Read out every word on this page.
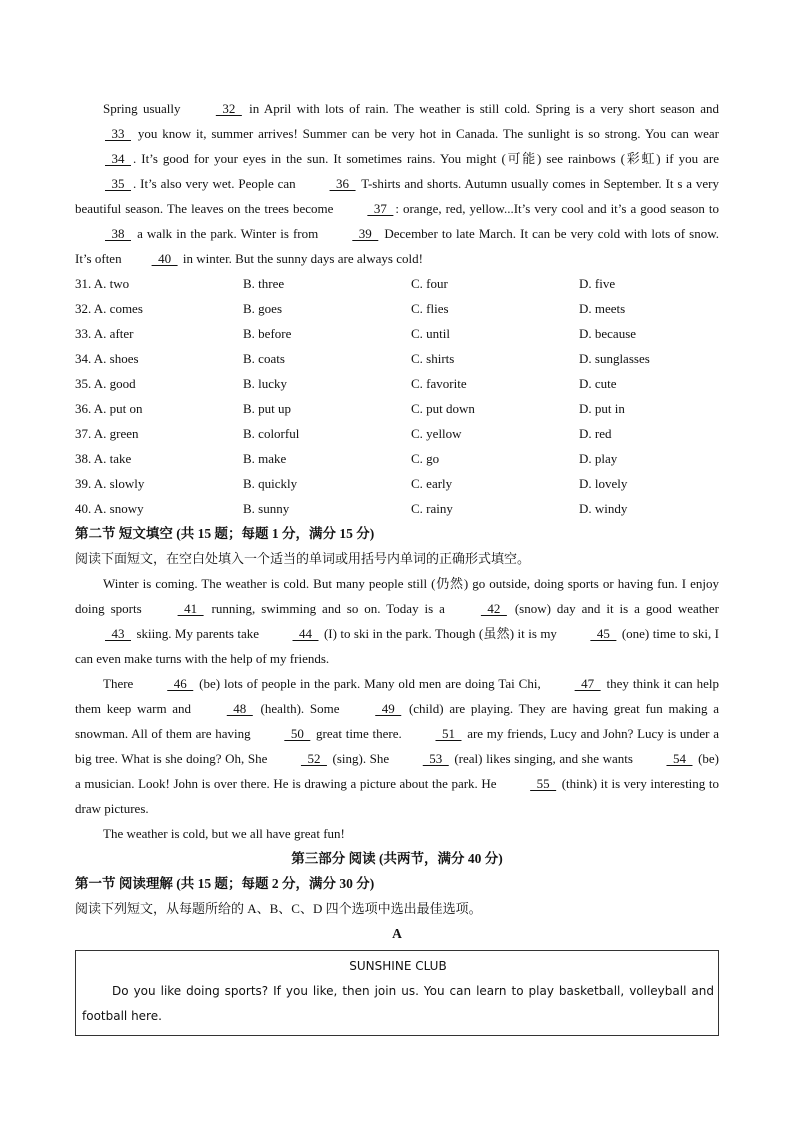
Spring usually   32   in April with lots of rain. The weather is still cold. Spring is a very short season and   33   you know it, summer arrives! Summer can be very hot in Canada. The sunlight is so strong. You can wear   34  . It’s good for your eyes in the sun. It sometimes rains. You might (可能) see rainbows (彩虹) if you are   35  . It’s also very wet. People can   36   T-shirts and shorts. Autumn usually comes in September. It s a very beautiful season. The leaves on the trees become   37  : orange, red, yellow...It’s very cool and it’s a good season to   38   a walk in the park. Winter is from   39   December to late March. It can be very cold with lots of snow. It’s often  40   in winter. But the sunny days are always cold!

31. A. two	B. three	C. four	D. five
32. A. comes	B. goes	C. flies	D. meets
33. A. after	B. before	C. until	D. because
34. A. shoes	B. coats	C. shirts	D. sunglasses
35. A. good	B. lucky	C. favorite	D. cute
36. A. put on	B. put up	C. put down	D. put in
37. A. green	B. colorful	C. yellow	D. red
38. A. take	B. make	C. go	D. play
39. A. slowly	B. quickly	C. early	D. lovely
40. A. snowy	B. sunny	C. rainy	D. windy

第二节 短文填空 (共 15 题；每题 1 分，满分 15 分)

阅读下面短文，在空白处填入一个适当的单词或用括号内单词的正确形式填空。

Winter is coming. The weather is cold. But many people still (仍然) go outside, doing sports or having fun. I enjoy doing sports   41   running, swimming and so on. Today is a   42   (snow) day and it is a good weather   43   skiing. My parents take   44   (I) to ski in the park. Though (虽然) it is my   45   (one) time to ski, I can even make turns with the help of my friends.

There   46   (be) lots of people in the park. Many old men are doing Tai Chi,   47   they think it can help them keep warm and   48   (health). Some   49   (child) are playing. They are having great fun making a snowman. All of them are having   50   great time there.   51   are my friends, Lucy and John? Lucy is under a big tree. What is she doing? Oh, She   52   (sing). She   53   (real) likes singing, and she wants   54   (be) a musician. Look! John is over there. He is drawing a picture about the park. He   55   (think) it is very interesting to draw pictures.

The weather is cold, but we all have great fun!

第三部分 阅读 (共两节，满分 40 分)

第一节 阅读理解 (共 15 题；每题 2 分，满分 30 分)

阅读下列短文，从每题所给的 A、B、C、D 四个选项中选出最佳选项。

A

SUNSHINE CLUB
Do you like doing sports? If you like, then join us. You can learn to play basketball, volleyball and football here.
